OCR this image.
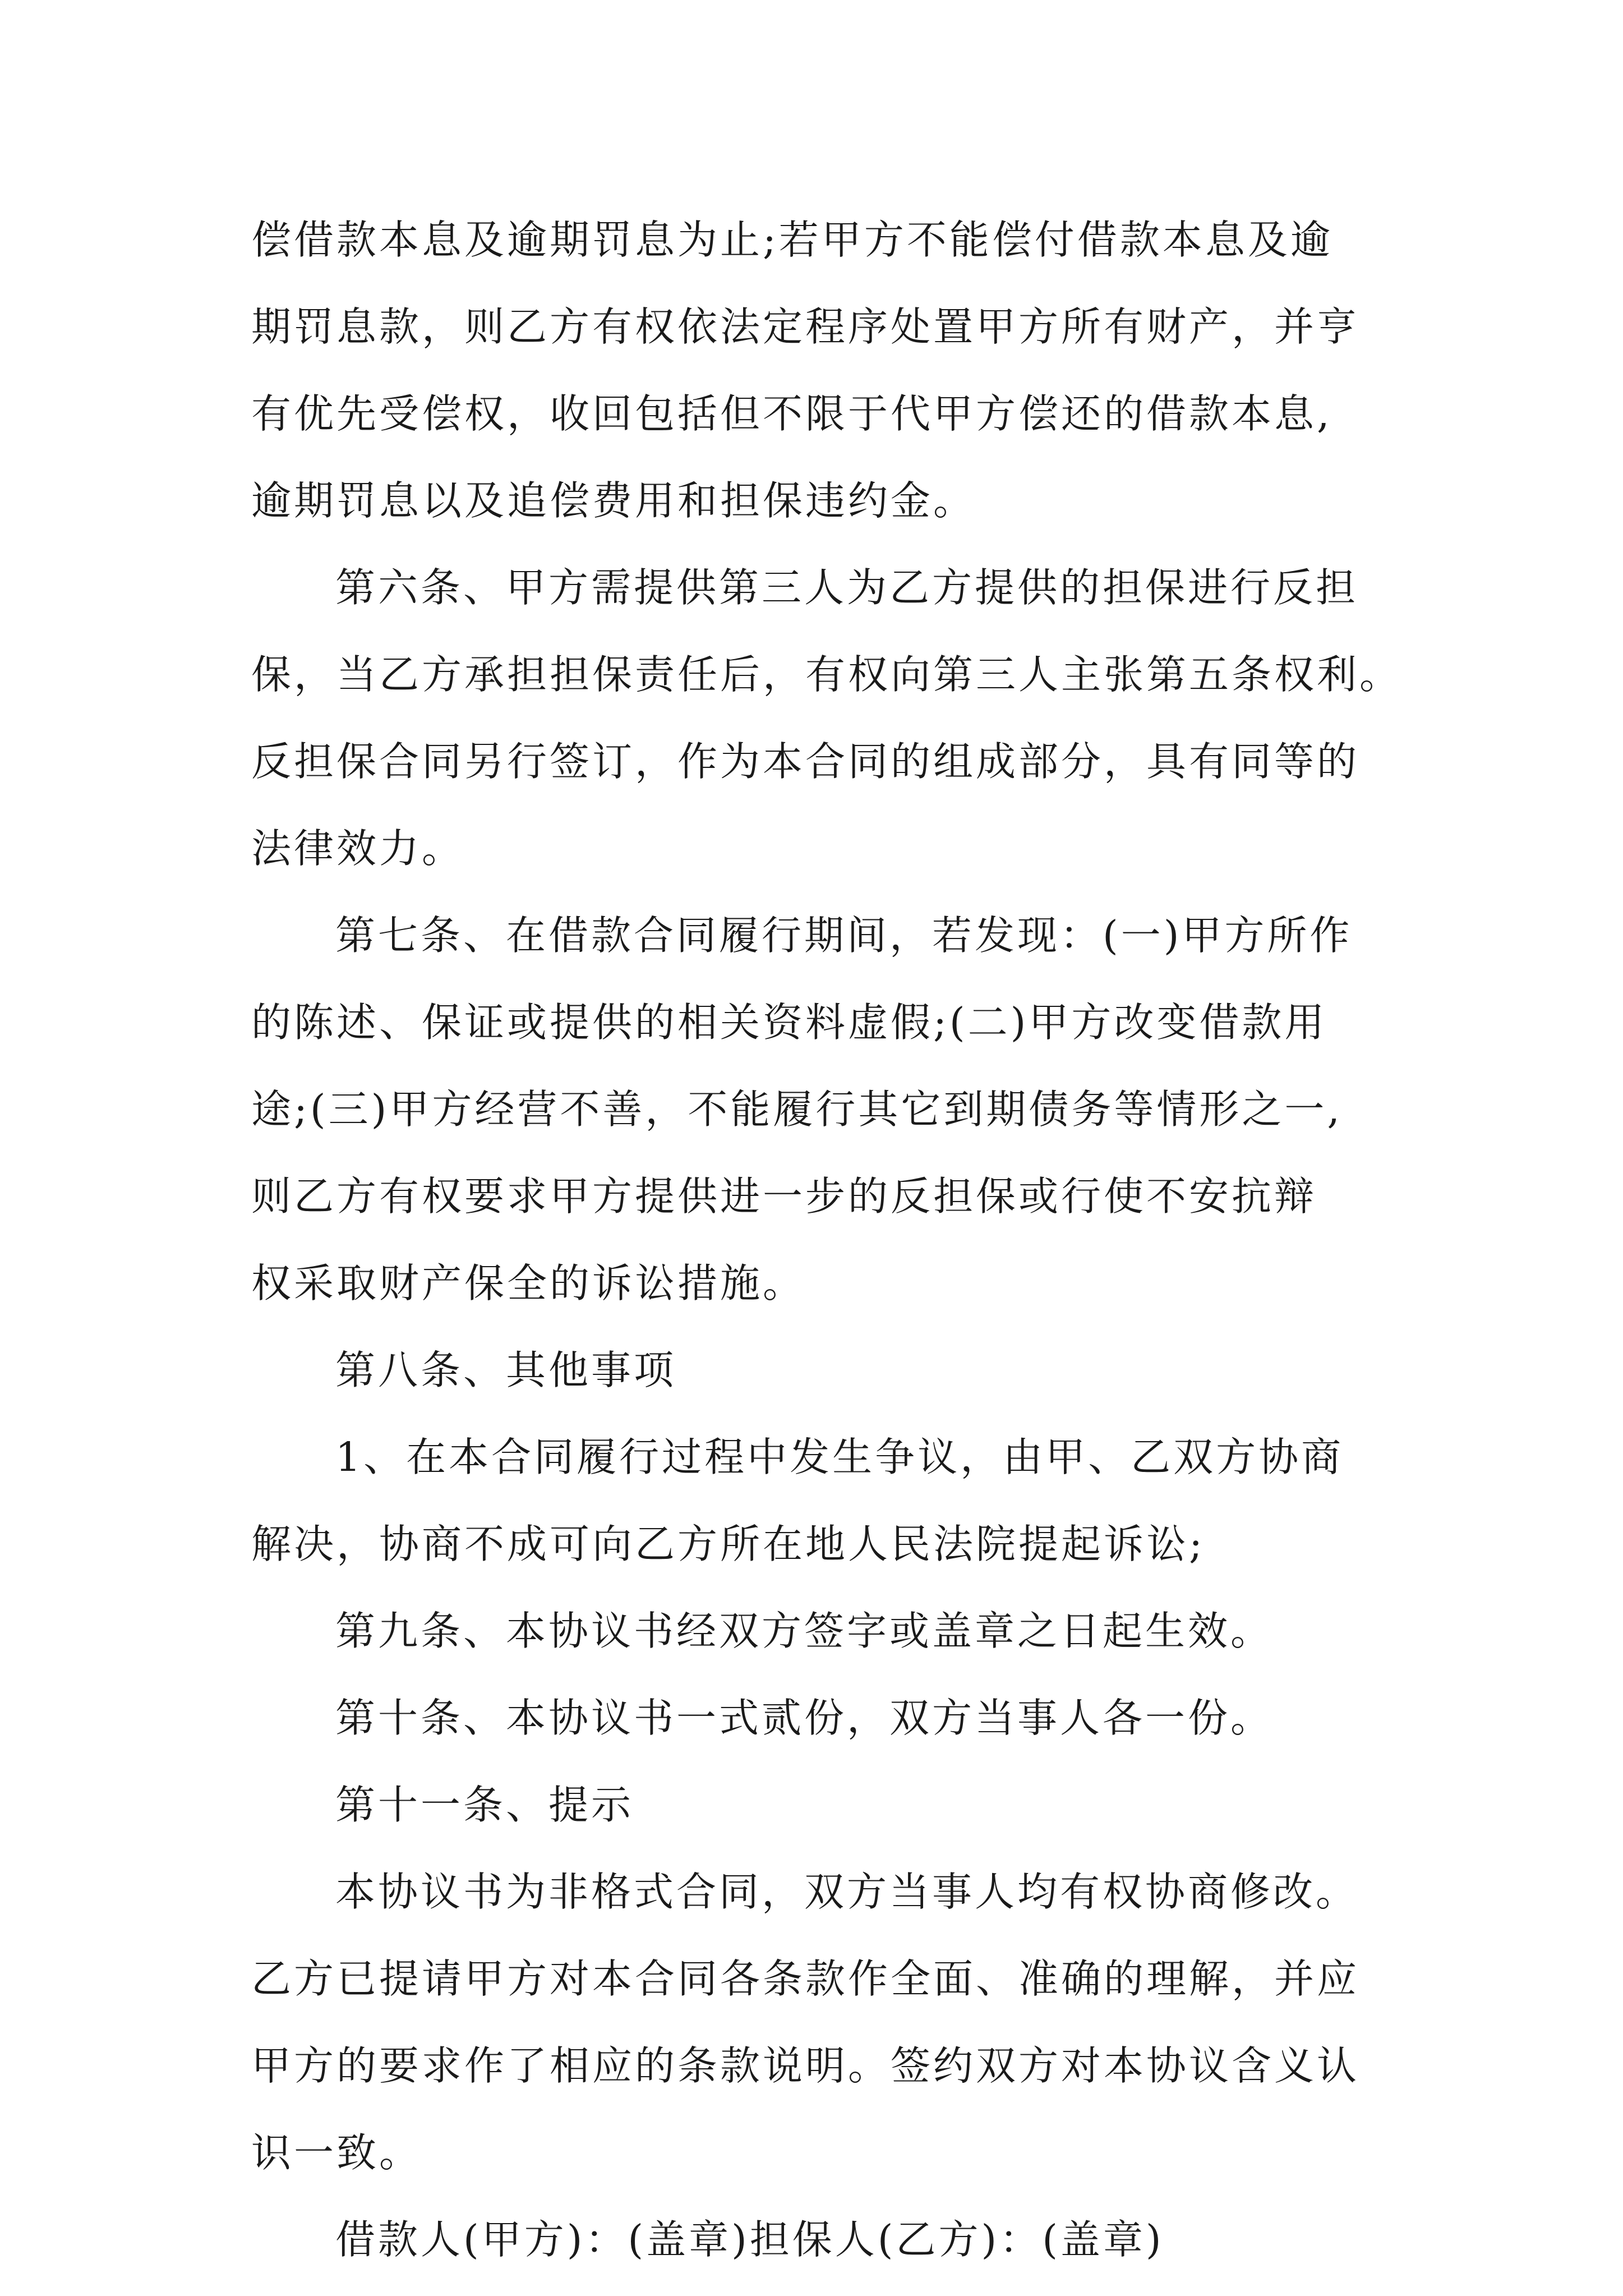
偿借款本息及逾期罚息为止;若甲方不能偿付借款本息及逾
期罚息款，则乙方有权依法定程序处置甲方所有财产，并亨
有优先受偿权，收回包括但不限于代甲方偿还的借款本息,
逾期罚息以及追偿费用和担保违约金。

第六条、甲方需提供第三人为乙方提供的担保进行反担
保，当乙方承担担保责任后，有权向第三人主张第五条权利。
反担保合同另行签订，作为本合同的组成部分，具有同等的
法律效力。

第七条、在借款合同履行期间，若发现：(一)甲方所作
的陈述、保证或提供的相关资料虚假;(二)甲方改变借款用
途;(三)甲方经营不善，不能履行其它到期债务等情形之一,
则乙方有权要求甲方提供进一步的反担保或行使不安抗辩
权采取财产保全的诉讼措施。

第八条、其他事项

1、在本合同履行过程中发生争议，由甲、乙双方协商
解决，协商不成可向乙方所在地人民法院提起诉讼;

第九条、本协议书经双方签字或盖章之日起生效。

第十条、本协议书一式贰份，双方当事人各一份。

第十一条、提示

本协议书为非格式合同，双方当事人均有权协商修改。
乙方已提请甲方对本合同各条款作全面、准确的理解，并应
甲方的要求作了相应的条款说明。签约双方对本协议含义认
识一致。

借款人(甲方)：(盖章)担保人(乙方)：(盖章)
